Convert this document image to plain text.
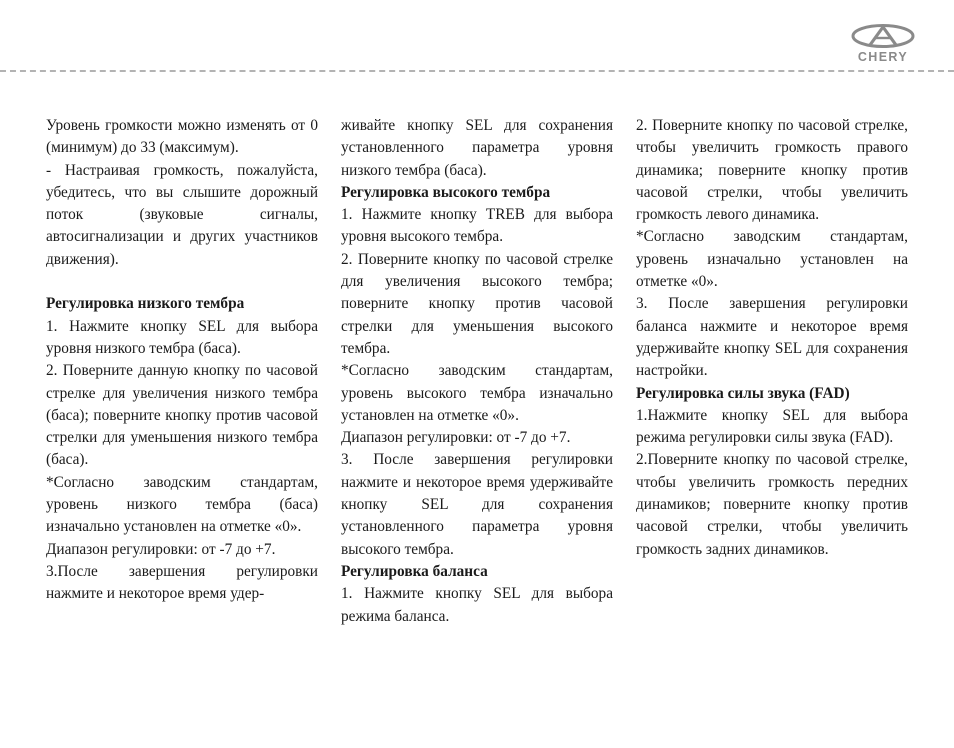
CHERY

Уровень громкости можно изменять от 0 (минимум) до 33 (максимум).

- Настраивая громкость, пожалуйста, убедитесь, что вы слышите дорожный поток (звуковые сигналы, автосигнализации и других участников движения).

Регулировка низкого тембра

1. Нажмите кнопку SEL для выбора уровня низкого тембра (баса).

2. Поверните данную кнопку по часовой стрелке для увеличения низкого тембра (баса); поверните кнопку против часовой стрелки для уменьшения низкого тембра (баса).

*Согласно заводским стандартам, уровень низкого тембра (баса) изначально установлен на отметке «0».

Диапазон регулировки: от -7 до +7.

3.После завершения регулировки нажмите и некоторое время удер-

живайте кнопку SEL для сохранения установленного параметра уровня низкого тембра (баса).

Регулировка высокого тембра

1. Нажмите кнопку TREB для выбора уровня высокого тембра.

2. Поверните кнопку по часовой стрелке для увеличения высокого тембра; поверните кнопку против часовой стрелки для уменьшения высокого тембра.

*Согласно заводским стандартам, уровень высокого тембра изначально установлен на отметке «0».

Диапазон регулировки: от -7 до +7.

3. После завершения регулировки нажмите и некоторое время удерживайте кнопку SEL для сохранения установленного параметра уровня высокого тембра.

Регулировка баланса

1. Нажмите кнопку SEL для выбора режима баланса.

2. Поверните кнопку по часовой стрелке, чтобы увеличить громкость правого динамика; поверните кнопку против часовой стрелки, чтобы увеличить громкость левого динамика.

*Согласно заводским стандартам, уровень изначально установлен на отметке «0».

3. После завершения регулировки баланса нажмите и некоторое время удерживайте кнопку SEL для сохранения настройки.

Регулировка силы звука (FAD)

1.Нажмите кнопку SEL для выбора режима регулировки силы звука (FAD).

2.Поверните кнопку по часовой стрелке, чтобы увеличить громкость передних динамиков; поверните кнопку против часовой стрелки, чтобы увеличить громкость задних динамиков.
